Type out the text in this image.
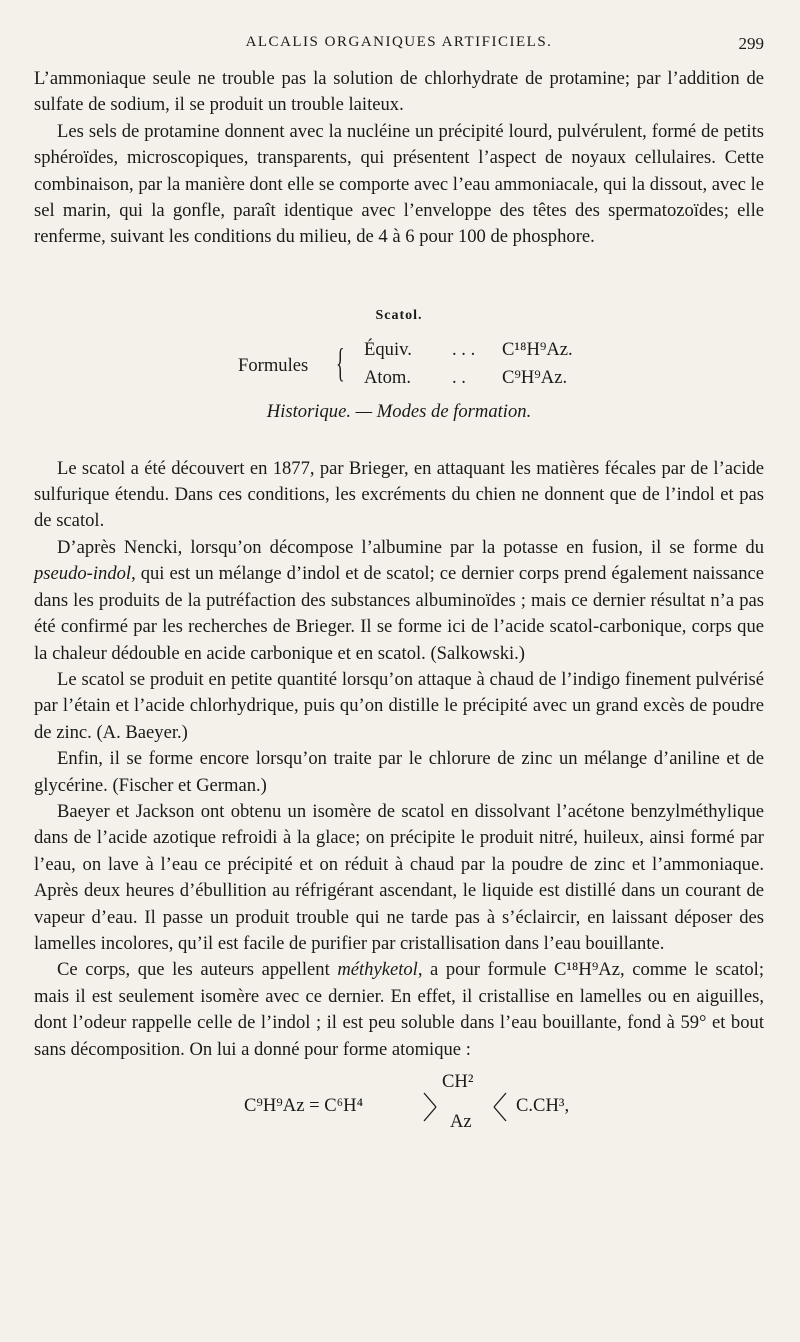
ALCALIS ORGANIQUES ARTIFICIELS.	299

L’ammoniaque seule ne trouble pas la solution de chlorhydrate de protamine; par l’addition de sulfate de sodium, il se produit un trouble laiteux.

Les sels de protamine donnent avec la nucléine un précipité lourd, pulvérulent, formé de petits sphéroïdes, microscopiques, transparents, qui présentent l’aspect de noyaux cellulaires. Cette combinaison, par la manière dont elle se comporte avec l’eau ammoniacale, qui la dissout, avec le sel marin, qui la gonfle, paraît identique avec l’enveloppe des têtes des spermatozoïdes; elle renferme, suivant les conditions du milieu, de 4 à 6 pour 100 de phosphore.

Scatol.
Formules { Équiv. . . . C¹⁸H⁹Az.
Atom. . . C⁹H⁹Az.
Historique. — Modes de formation.

Le scatol a été découvert en 1877, par Brieger, en attaquant les matières fécales par de l’acide sulfurique étendu. Dans ces conditions, les excréments du chien ne donnent que de l’indol et pas de scatol.

D’après Nencki, lorsqu’on décompose l’albumine par la potasse en fusion, il se forme du pseudo-indol, qui est un mélange d’indol et de scatol; ce dernier corps prend également naissance dans les produits de la putréfaction des substances albuminoïdes ; mais ce dernier résultat n’a pas été confirmé par les recherches de Brieger. Il se forme ici de l’acide scatol-carbonique, corps que la chaleur dédouble en acide carbonique et en scatol. (Salkowski.)

Le scatol se produit en petite quantité lorsqu’on attaque à chaud de l’indigo finement pulvérisé par l’étain et l’acide chlorhydrique, puis qu’on distille le précipité avec un grand excès de poudre de zinc. (A. Baeyer.)

Enfin, il se forme encore lorsqu’on traite par le chlorure de zinc un mélange d’aniline et de glycérine. (Fischer et German.)

Baeyer et Jackson ont obtenu un isomère de scatol en dissolvant l’acétone benzylméthylique dans de l’acide azotique refroidi à la glace; on précipite le produit nitré, huileux, ainsi formé par l’eau, on lave à l’eau ce précipité et on réduit à chaud par la poudre de zinc et l’ammoniaque. Après deux heures d’ébullition au réfrigérant ascendant, le liquide est distillé dans un courant de vapeur d’eau. Il passe un produit trouble qui ne tarde pas à s’éclaircir, en laissant déposer des lamelles incolores, qu’il est facile de purifier par cristallisation dans l’eau bouillante.

Ce corps, que les auteurs appellent méthyketol, a pour formule C¹⁸H⁹Az, comme le scatol; mais il est seulement isomère avec ce dernier. En effet, il cristallise en lamelles ou en aiguilles, dont l’odeur rappelle celle de l’indol ; il est peu soluble dans l’eau bouillante, fond à 59° et bout sans décomposition. On lui a donné pour forme atomique :

C⁹H⁹Az = C⁶H⁴
CH²
Az
C.CH³,
